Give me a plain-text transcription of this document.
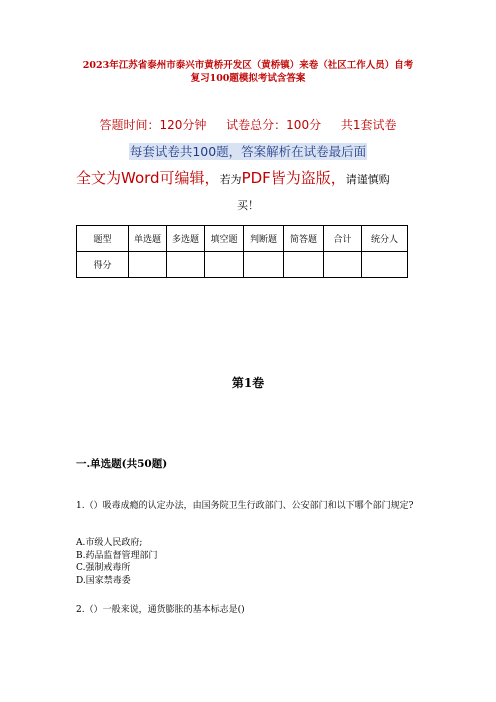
2023年江苏省泰州市泰兴市黄桥开发区（黄桥镇）来卷（社区工作人员）自考
复习100题模拟考试含答案
答题时间：120分钟 试卷总分：100分 共1套试卷
每套试卷共100题，答案解析在试卷最后面
全文为Word可编辑，若为PDF皆为盗版，请谨慎购
买！
题型	单选题	多选题	填空题	判断题	简答题	合计	统分人
得分							
第1卷
一.单选题(共50题)
1.（）吸毒成瘾的认定办法，由国务院卫生行政部门、公安部门和以下哪个部门规定?
A.市级人民政府;
B.药品监督管理部门
C.强制戒毒所
D.国家禁毒委
2.（）一般来说，通货膨胀的基本标志是()
